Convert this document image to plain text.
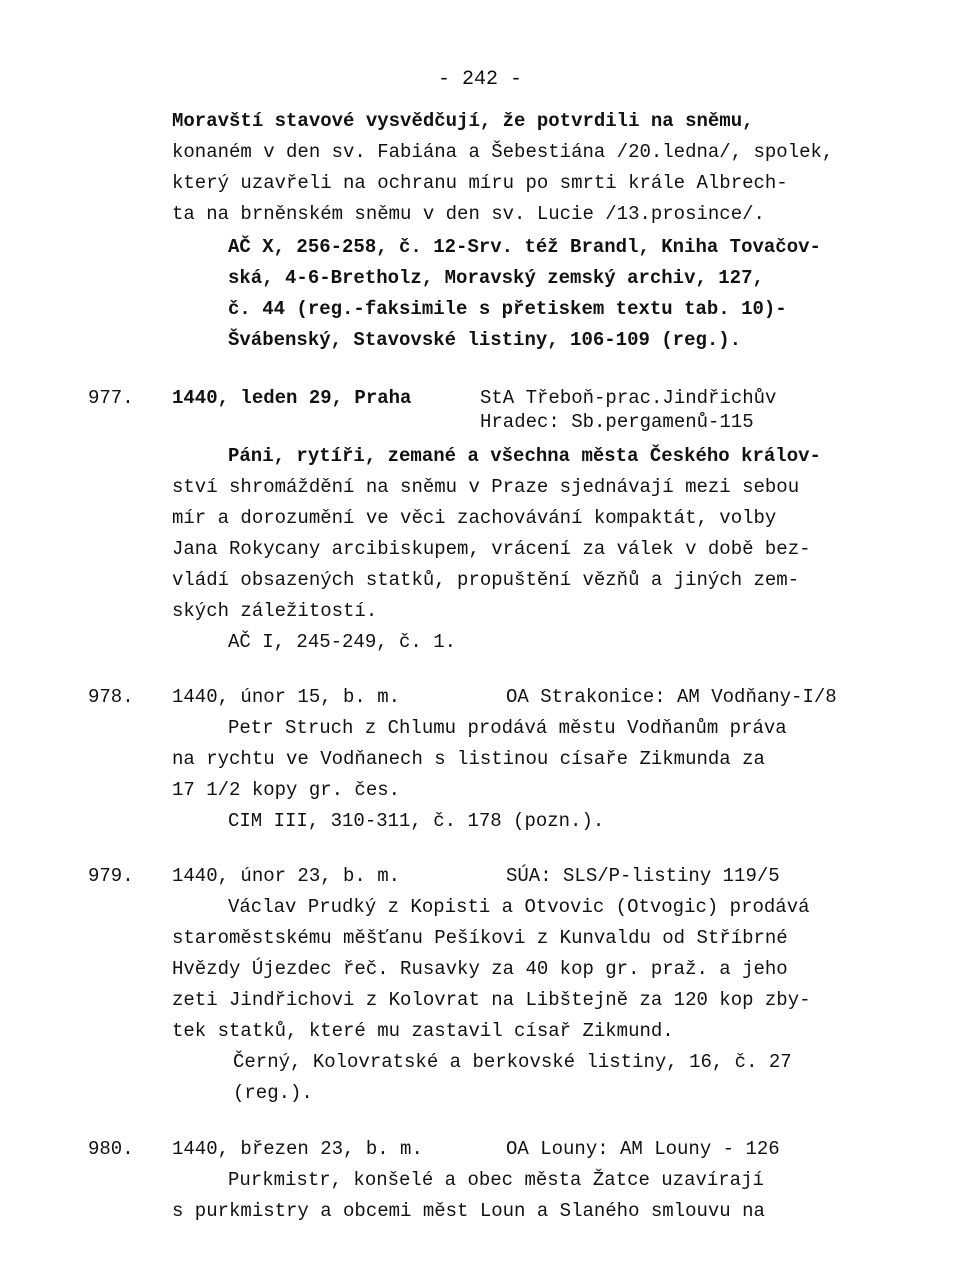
- 242 -
Moravští stavové vysvědčují, že potvrdili na sněmu,
konaném v den sv. Fabiána a Šebestiána /20.ledna/, spolek,
který uzavřeli na ochranu míru po smrti krále Albrech-
ta na brněnském sněmu v den sv. Lucie /13.prosince/.
AČ X, 256-258, č. 12-Srv. též Brandl, Kniha Tovačov-
ská, 4-6-Bretholz, Moravský zemský archiv, 127,
č. 44 (reg.-faksimile s přetiskem textu tab. 10)-
Švábenský, Stavovské listiny, 106-109 (reg.).
977. 1440, leden 29, Praha	StA Třeboň-prac.Jindřichův
Hradec: Sb.pergamenů-115
Páni, rytíři, zemané a všechna města Českého králov-
ství shromáždění na sněmu v Praze sjednávají mezi sebou
mír a dorozumění ve věci zachovávání kompaktát, volby
Jana Rokycany arcibiskupem, vrácení za válek v době bez-
vládí obsazených statků, propuštění vězňů a jiných zem-
ských záležitostí.
AČ I, 245-249, č. 1.
978. 1440, únor 15, b. m.	OA Strakonice: AM Vodňany-I/8
Petr Struch z Chlumu prodává městu Vodňanům práva
na rychtu ve Vodňanech s listinou císaře Zikmunda za
17 1/2 kopy gr. čes.
CIM III, 310-311, č. 178 (pozn.).
979. 1440, únor 23, b. m.	SÚA: SLS/P-listiny 119/5
Václav Prudký z Kopisti a Otvovic (Otvogic) prodává
staroměstskému měšťanu Pešíkovi z Kunvaldu od Stříbrné
Hvězdy Újezdec řeč. Rusavky za 40 kop gr. praž. a jeho
zeti Jindřichovi z Kolovrat na Libštejně za 120 kop zby-
tek statků, které mu zastavil císař Zikmund.
Černý, Kolovratské a berkovské listiny, 16, č. 27
(reg.).
980. 1440, březen 23, b. m.	OA Louny: AM Louny - 126
Purkmistr, konšelé a obec města Žatce uzavírají
s purkmistry a obcemi měst Loun a Slaného smlouvu na
